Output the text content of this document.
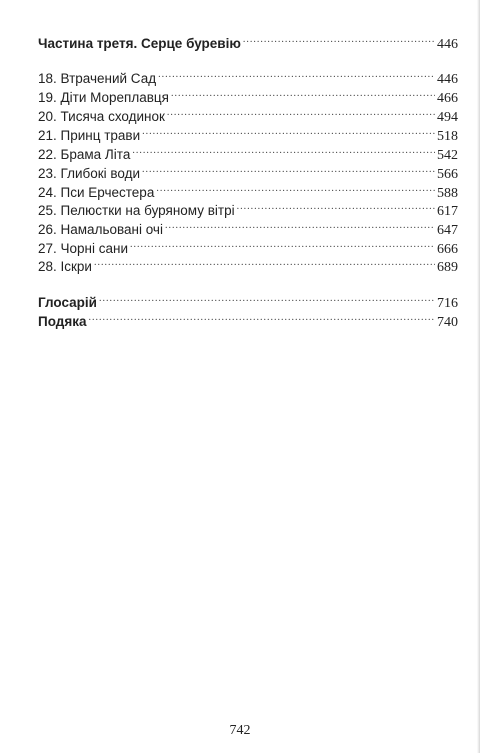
Частина третя. Серце буревію .....	446
18. Втрачений Сад .....	446
19. Діти Мореплавця .....	466
20. Тисяча сходинок .....	494
21. Принц трави .....	518
22. Брама Літа .....	542
23. Глибокі води .....	566
24. Пси Ерчестера .....	588
25. Пелюстки на буряному вітрі .....	617
26. Намальовані очі .....	647
27. Чорні сани .....	666
28. Іскри .....	689
Глосарій .....	716
Подяка .....	740
742
